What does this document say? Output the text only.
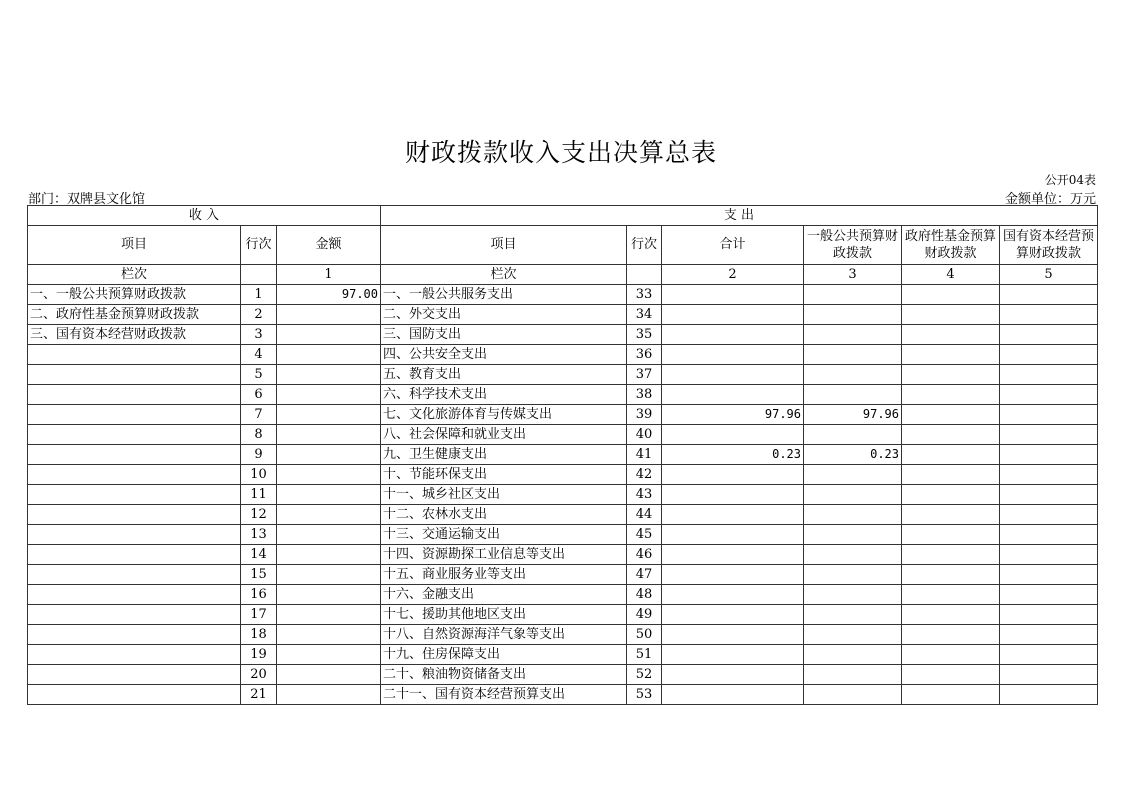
财政拨款收入支出决算总表
公开04表
部门：双牌县文化馆	金额单位：万元
收 入			支 出					
项目	行次	金额	项目	行次	合计	一般公共预算财政拨款	政府性基金预算财政拨款	国有资本经营预算财政拨款
栏次		1	栏次		2	3	4	5
一、一般公共预算财政拨款	1	97.00	一、一般公共服务支出	33				
二、政府性基金预算财政拨款	2		二、外交支出	34				
三、国有资本经营财政拨款	3		三、国防支出	35				
	4		四、公共安全支出	36				
	5		五、教育支出	37				
	6		六、科学技术支出	38				
	7		七、文化旅游体育与传媒支出	39	97.96	97.96		
	8		八、社会保障和就业支出	40				
	9		九、卫生健康支出	41	0.23	0.23		
	10		十、节能环保支出	42				
	11		十一、城乡社区支出	43				
	12		十二、农林水支出	44				
	13		十三、交通运输支出	45				
	14		十四、资源勘探工业信息等支出	46				
	15		十五、商业服务业等支出	47				
	16		十六、金融支出	48				
	17		十七、援助其他地区支出	49				
	18		十八、自然资源海洋气象等支出	50				
	19		十九、住房保障支出	51				
	20		二十、粮油物资储备支出	52				
	21		二十一、国有资本经营预算支出	53				
